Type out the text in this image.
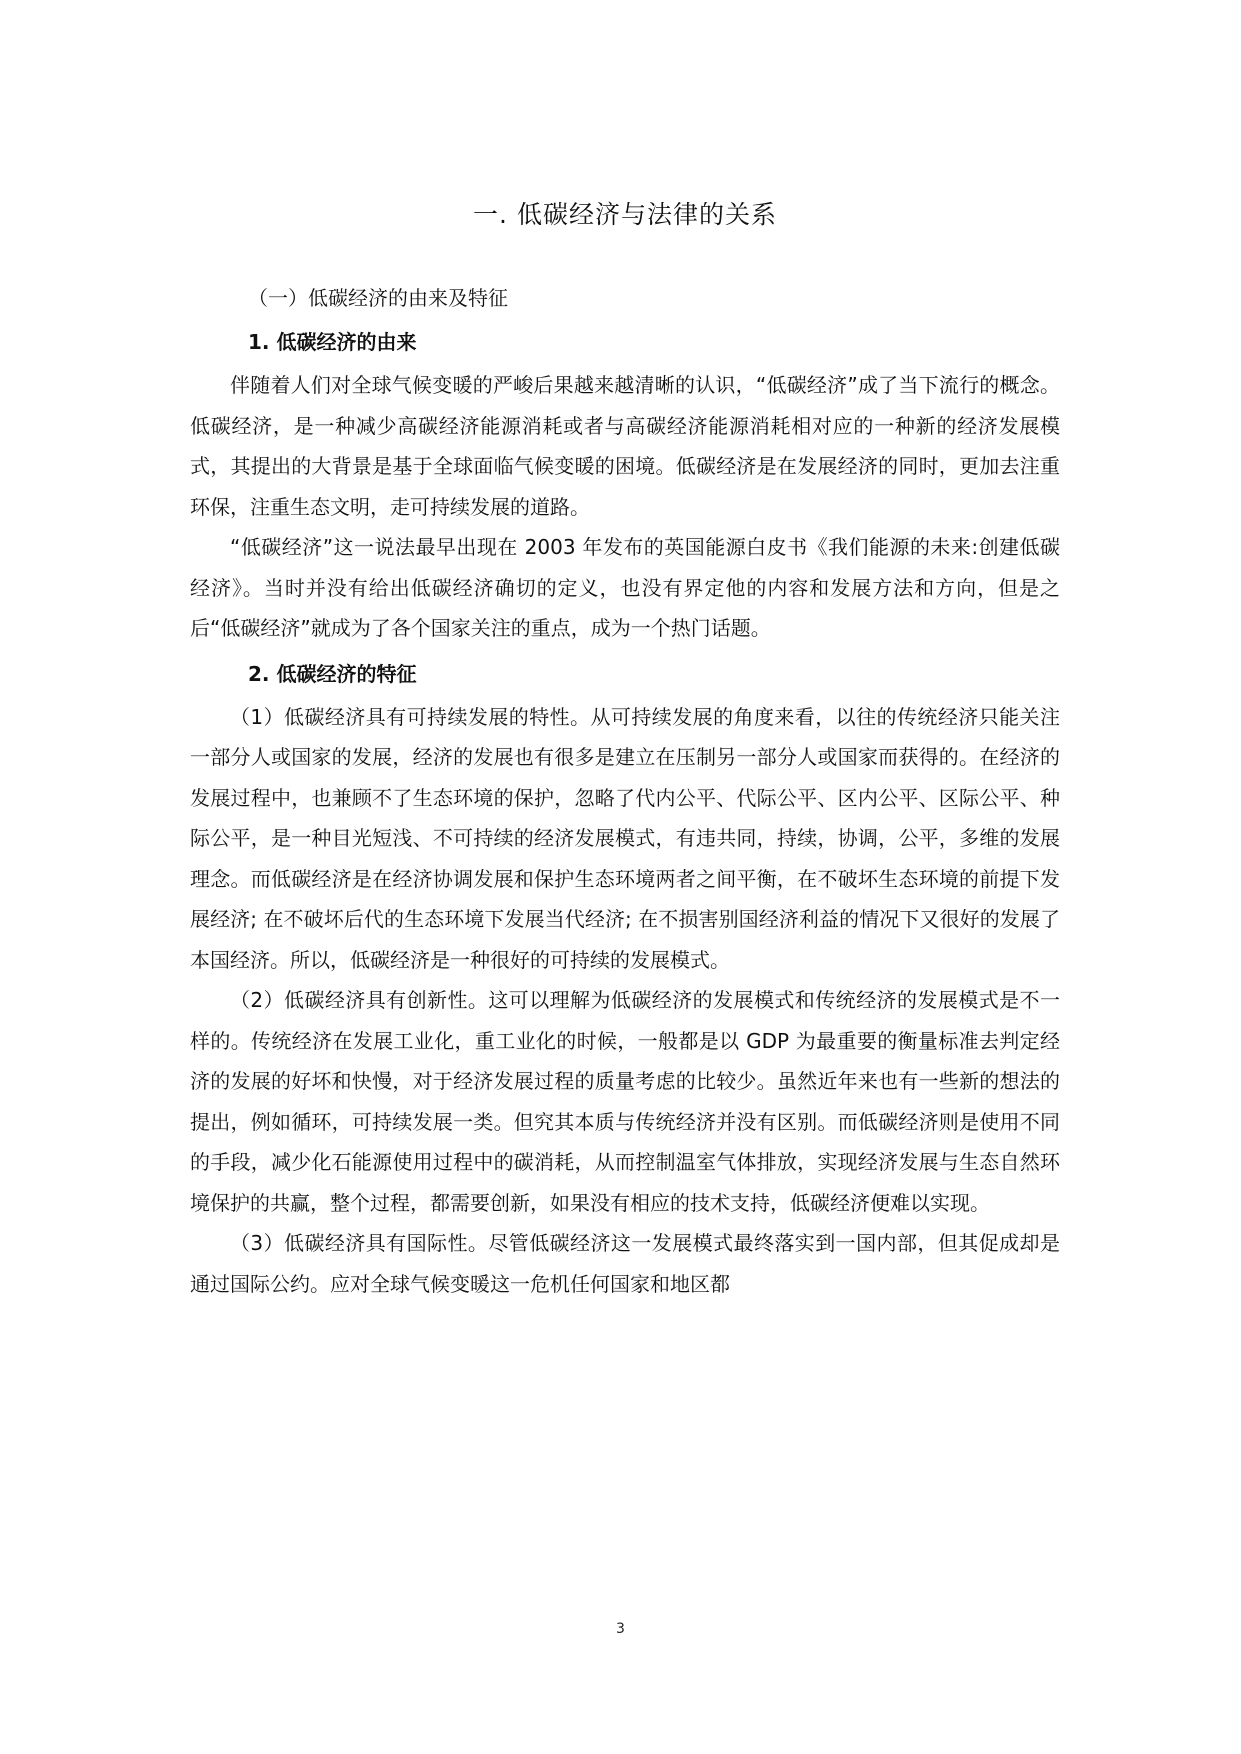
一. 低碳经济与法律的关系
（一）低碳经济的由来及特征
1. 低碳经济的由来

伴随着人们对全球气候变暖的严峻后果越来越清晰的认识，“低碳经济”成了当下流行的概念。低碳经济，是一种减少高碳经济能源消耗或者与高碳经济能源消耗相对应的一种新的经济发展模式，其提出的大背景是基于全球面临气候变暖的困境。低碳经济是在发展经济的同时，更加去注重环保，注重生态文明，走可持续发展的道路。

“低碳经济”这一说法最早出现在 2003 年发布的英国能源白皮书《我们能源的未来:创建低碳经济》。当时并没有给出低碳经济确切的定义，也没有界定他的内容和发展方法和方向，但是之后“低碳经济”就成为了各个国家关注的重点，成为一个热门话题。

2. 低碳经济的特征

（1）低碳经济具有可持续发展的特性。从可持续发展的角度来看，以往的传统经济只能关注一部分人或国家的发展，经济的发展也有很多是建立在压制另一部分人或国家而获得的。在经济的发展过程中，也兼顾不了生态环境的保护，忽略了代内公平、代际公平、区内公平、区际公平、种际公平，是一种目光短浅、不可持续的经济发展模式，有违共同，持续，协调，公平，多维的发展理念。而低碳经济是在经济协调发展和保护生态环境两者之间平衡，在不破坏生态环境的前提下发展经济; 在不破坏后代的生态环境下发展当代经济; 在不损害别国经济利益的情况下又很好的发展了本国经济。所以，低碳经济是一种很好的可持续的发展模式。

（2）低碳经济具有创新性。这可以理解为低碳经济的发展模式和传统经济的发展模式是不一样的。传统经济在发展工业化，重工业化的时候，一般都是以 GDP 为最重要的衡量标准去判定经济的发展的好坏和快慢，对于经济发展过程的质量考虑的比较少。虽然近年来也有一些新的想法的提出，例如循环，可持续发展一类。但究其本质与传统经济并没有区别。而低碳经济则是使用不同的手段，减少化石能源使用过程中的碳消耗，从而控制温室气体排放，实现经济发展与生态自然环境保护的共赢，整个过程，都需要创新，如果没有相应的技术支持，低碳经济便难以实现。

（3）低碳经济具有国际性。尽管低碳经济这一发展模式最终落实到一国内部，但其促成却是通过国际公约。应对全球气候变暖这一危机任何国家和地区都

3
